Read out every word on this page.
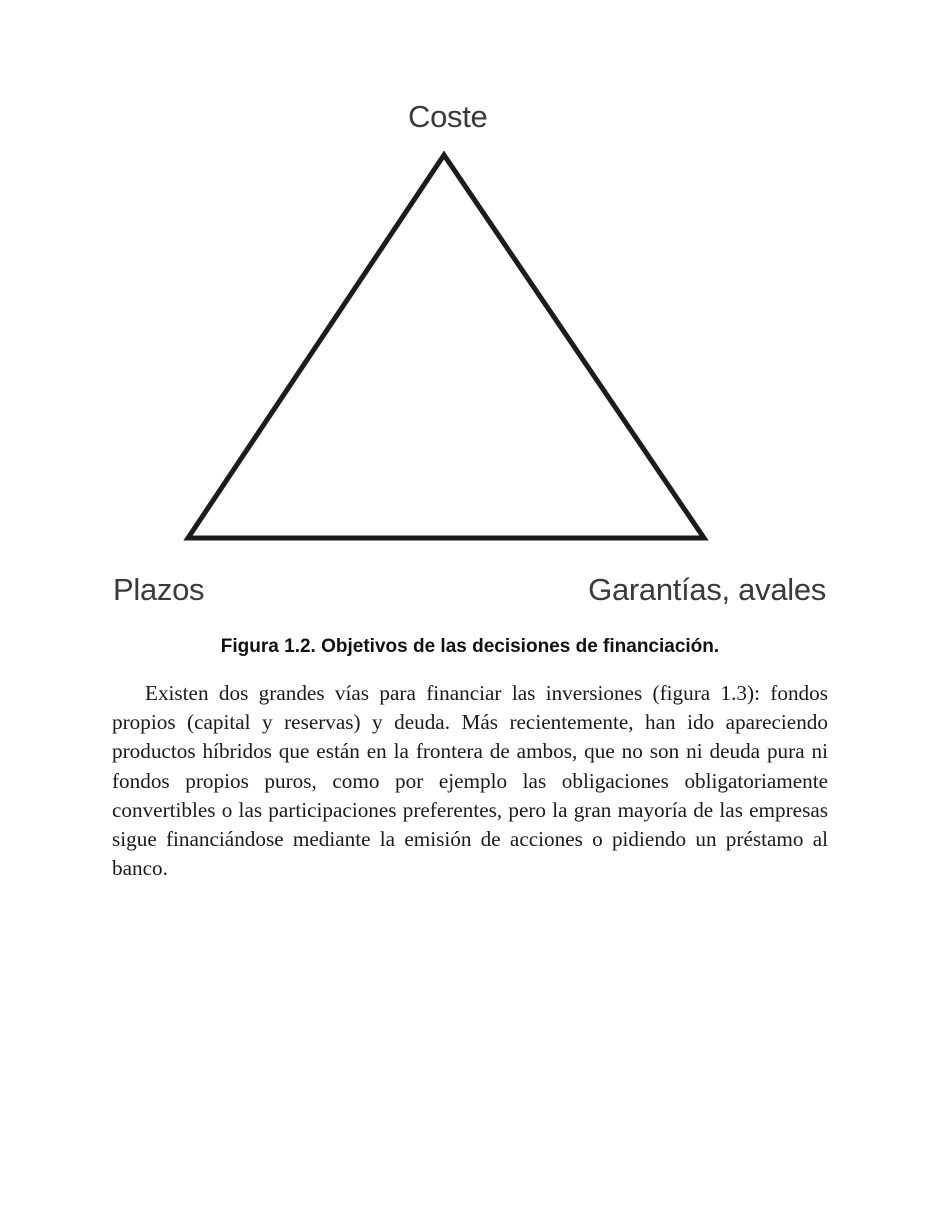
Coste
Plazos	Garantías, avales
Figura 1.2. Objetivos de las decisiones de financiación.

Existen dos grandes vías para financiar las inversiones (figura 1.3): fondos propios (capital y reservas) y deuda. Más recientemente, han ido apareciendo productos híbridos que están en la frontera de ambos, que no son ni deuda pura ni fondos propios puros, como por ejemplo las obligaciones obligatoriamente convertibles o las participaciones preferentes, pero la gran mayoría de las empresas sigue financiándose mediante la emisión de acciones o pidiendo un préstamo al banco.
